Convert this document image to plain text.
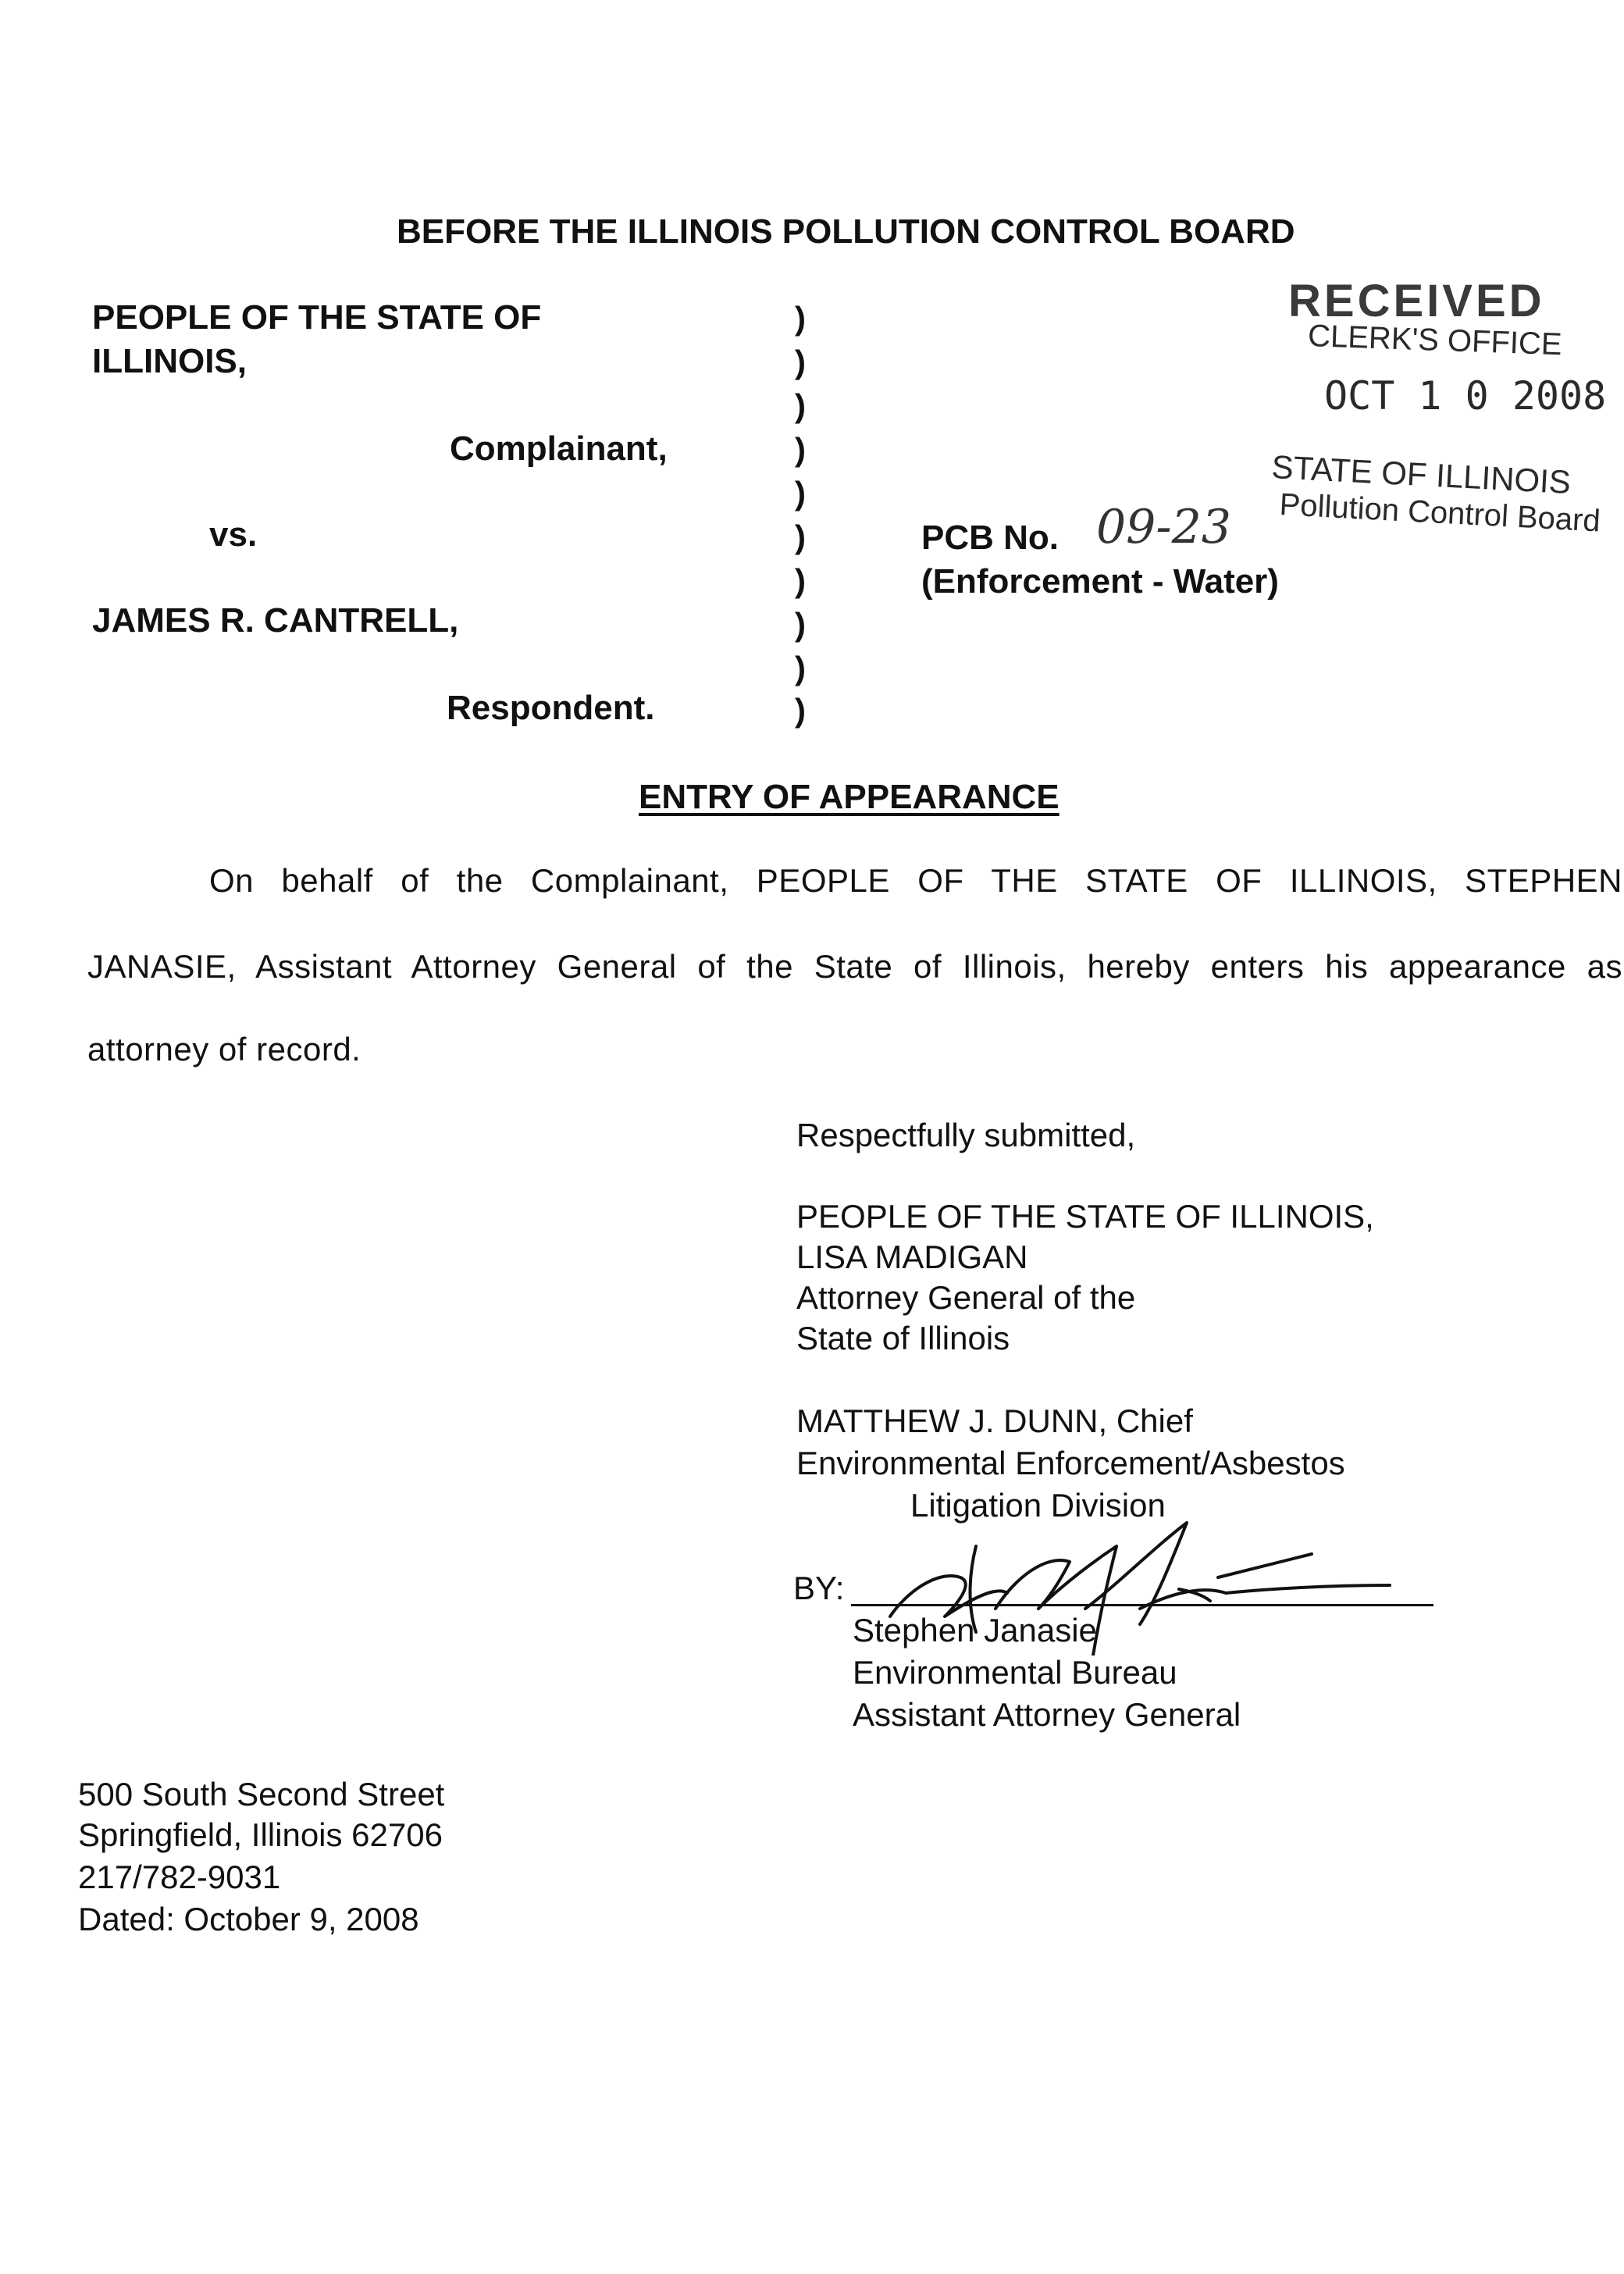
BEFORE THE ILLINOIS POLLUTION CONTROL BOARD
PEOPLE OF THE STATE OF
ILLINOIS,
Complainant,
vs.
JAMES R. CANTRELL,
Respondent.
)
)
)
)
)
)
)
)
)
)
PCB No. 09-23
(Enforcement - Water)
RECEIVED
CLERK'S OFFICE
OCT 1 0 2008
STATE OF ILLINOIS
Pollution Control Board
ENTRY OF APPEARANCE
On behalf of the Complainant, PEOPLE OF THE STATE OF ILLINOIS, STEPHEN
JANASIE, Assistant Attorney General of the State of Illinois, hereby enters his appearance as
attorney of record.
Respectfully submitted,
PEOPLE OF THE STATE OF ILLINOIS,
LISA MADIGAN
Attorney General of the
State of Illinois
MATTHEW J. DUNN, Chief
Environmental Enforcement/Asbestos
Litigation Division
BY:
Stephen Janasie
Environmental Bureau
Assistant Attorney General
500 South Second Street
Springfield, Illinois 62706
217/782-9031
Dated: October 9, 2008
